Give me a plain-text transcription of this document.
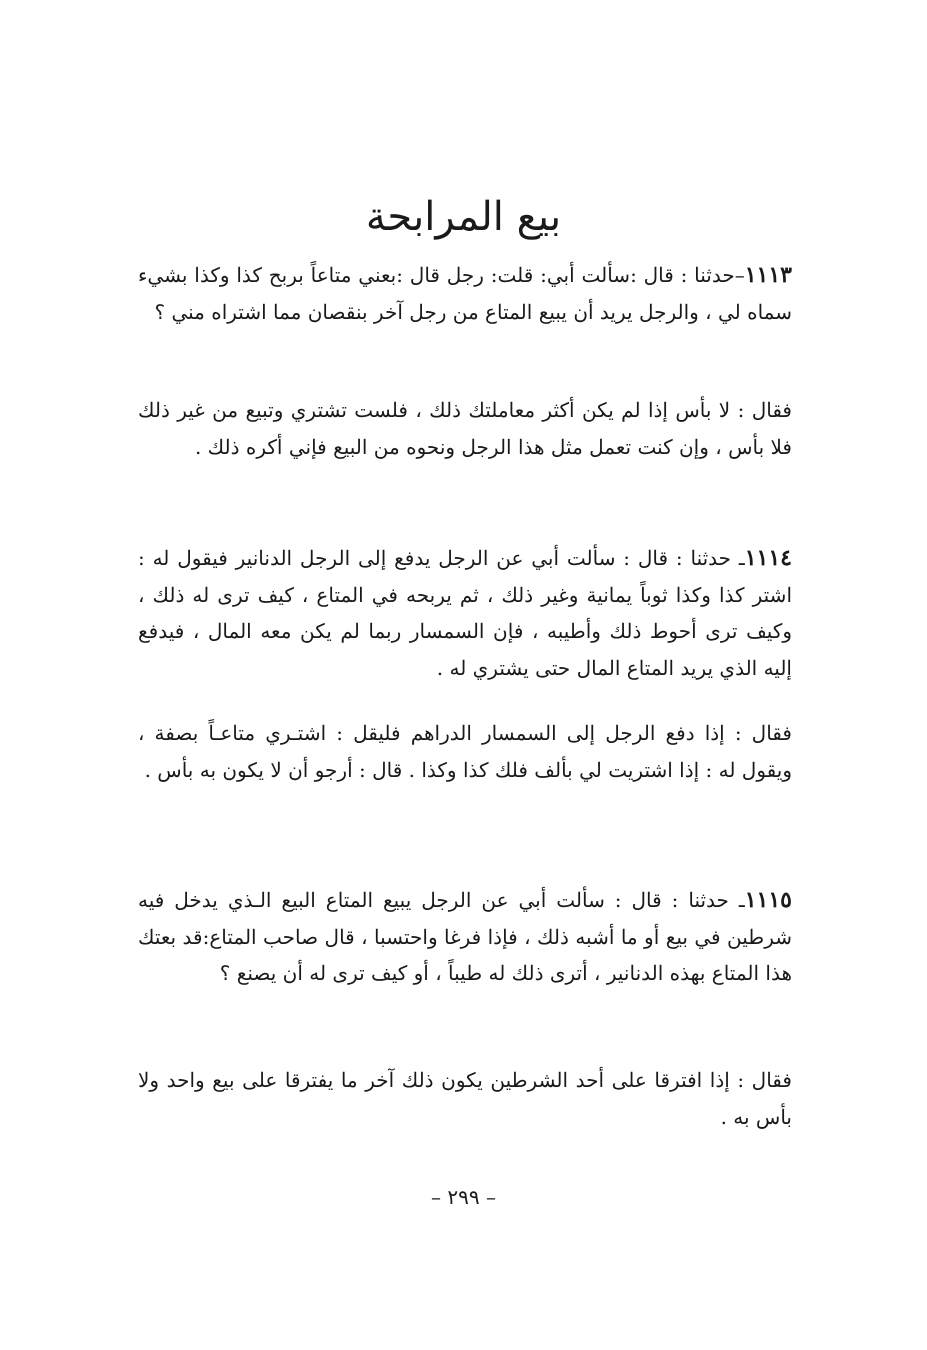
بيع المرابحة

١١١٣–حدثنا : قال :سألت أبي: قلت: رجل قال :بعني متاعاً بربح كذا وكذا بشيء سماه لي ، والرجل يريد أن يبيع المتاع من رجل آخر بنقصان مما اشتراه مني ؟

فقال : لا بأس إذا لم يكن أكثر معاملتك ذلك ، فلست تشتري وتبيع من غير ذلك فلا بأس ، وإن كنت تعمل مثل هذا الرجل ونحوه من البيع فإني أكره ذلك .

١١١٤ـ حدثنا : قال : سألت أبي عن الرجل يدفع إلى الرجل الدنانير فيقول له : اشتر كذا وكذا ثوباً يمانية وغير ذلك ، ثم يربحه في المتاع ، كيف ترى له ذلك ، وكيف ترى أحوط ذلك وأطيبه ، فإن السمسار ربما لم يكن معه المال ، فيدفع إليه الذي يريد المتاع المال حتى يشتري له .

فقال : إذا دفع الرجل إلى السمسار الدراهم فليقل : اشتـري متاعـاً بصفة ، ويقول له : إذا اشتريت لي بألف فلك كذا وكذا . قال : أرجو أن لا يكون به بأس .

١١١٥ـ حدثنا : قال : سألت أبي عن الرجل يبيع المتاع البيع الـذي يدخل فيه شرطين في بيع أو ما أشبه ذلك ، فإذا فرغا واحتسبا ، قال صاحب المتاع:قد بعتك هذا المتاع بهذه الدنانير ، أترى ذلك له طيباً ، أو كيف ترى له أن يصنع ؟

فقال : إذا افترقا على أحد الشرطين يكون ذلك آخر ما يفترقا على بيع واحد ولا بأس به .

– ٢٩٩ –
